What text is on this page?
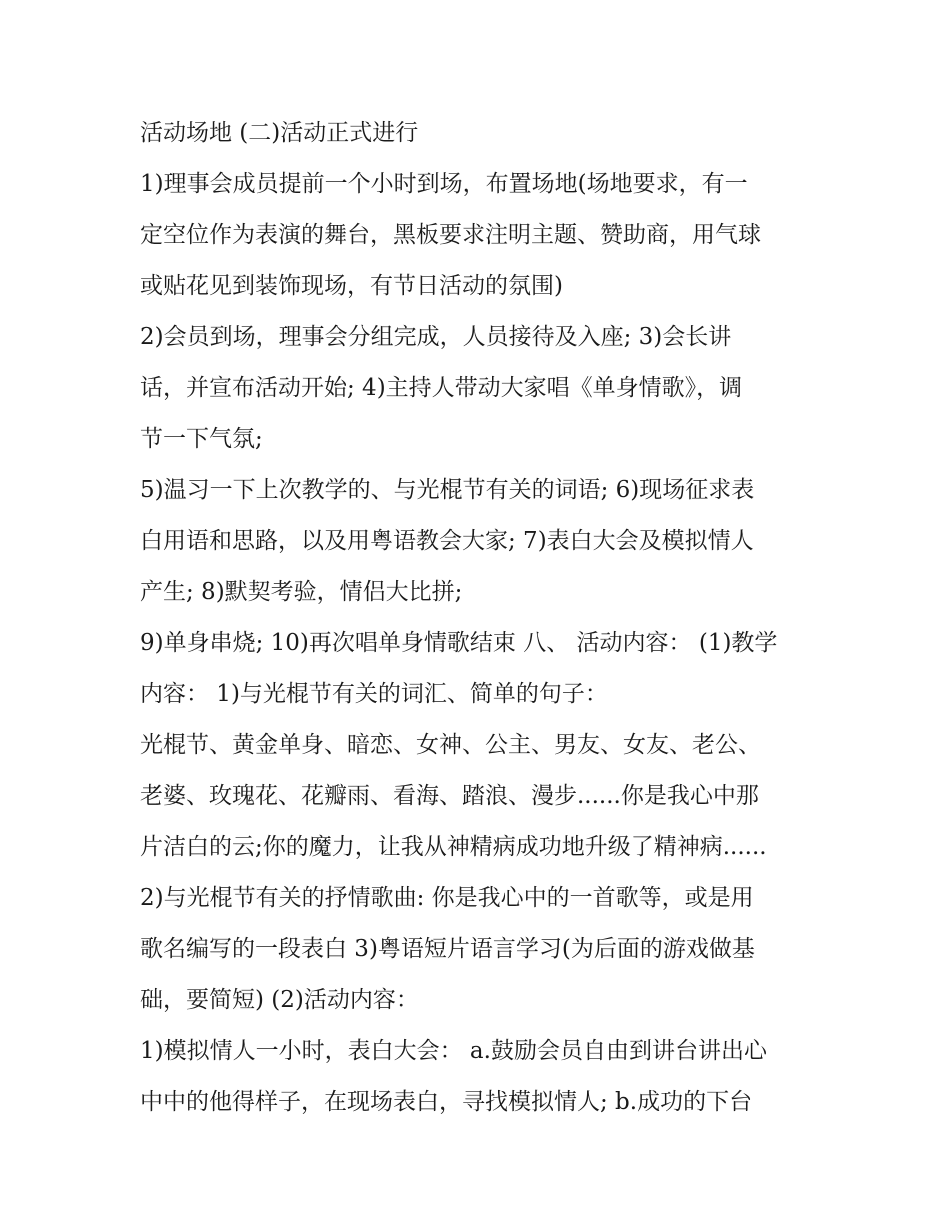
活动场地 (二)活动正式进行
1)理事会成员提前一个小时到场，布置场地(场地要求，有一
定空位作为表演的舞台，黑板要求注明主题、赞助商，用气球
或贴花见到装饰现场，有节日活动的氛围)
2)会员到场，理事会分组完成，人员接待及入座; 3)会长讲
话，并宣布活动开始; 4)主持人带动大家唱《单身情歌》，调
节一下气氛;
5)温习一下上次教学的、与光棍节有关的词语; 6)现场征求表
白用语和思路，以及用粤语教会大家; 7)表白大会及模拟情人
产生; 8)默契考验，情侣大比拼;
9)单身串烧; 10)再次唱单身情歌结束 八、 活动内容： (1)教学
内容： 1)与光棍节有关的词汇、简单的句子：
光棍节、黄金单身、暗恋、女神、公主、男友、女友、老公、
老婆、玫瑰花、花瓣雨、看海、踏浪、漫步......你是我心中那
片洁白的云;你的魔力，让我从神精病成功地升级了精神病......
2)与光棍节有关的抒情歌曲: 你是我心中的一首歌等，或是用
歌名编写的一段表白 3)粤语短片语言学习(为后面的游戏做基
础，要简短) (2)活动内容：
1)模拟情人一小时，表白大会： a.鼓励会员自由到讲台讲出心
中中的他得样子，在现场表白，寻找模拟情人; b.成功的下台
